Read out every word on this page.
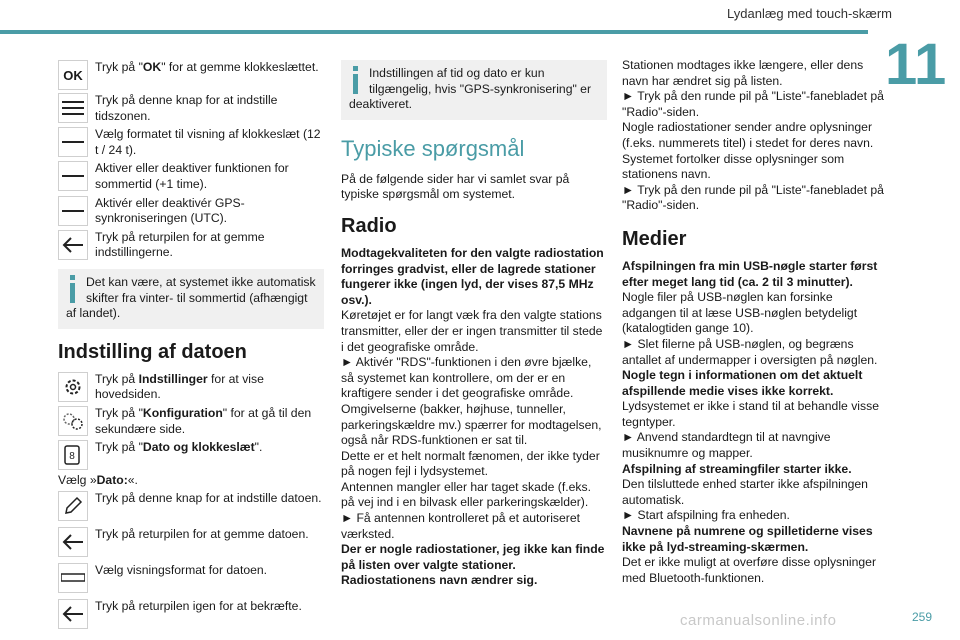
Lydanlæg med touch-skærm
11
OK
Tryk på "OK" for at gemme klokkeslættet.
Tryk på denne knap for at indstille tidszonen.
Vælg formatet til visning af klokkeslæt (12 t / 24 t).
Aktiver eller deaktiver funktionen for sommertid (+1 time).
Aktivér eller deaktivér GPS-synkroniseringen (UTC).
Tryk på returpilen for at gemme indstillingerne.
Det kan være, at systemet ikke automatisk skifter fra vinter- til sommertid (afhængigt af landet).
Indstilling af datoen
Tryk på Indstillinger for at vise hovedsiden.
Tryk på "Konfiguration" for at gå til den sekundære side.
8
Tryk på "Dato og klokkeslæt".

Vælg »Dato:«.

Tryk på denne knap for at indstille datoen.
Tryk på returpilen for at gemme datoen.
Vælg visningsformat for datoen.
Tryk på returpilen igen for at bekræfte.
Indstillingen af tid og dato er kun tilgængelig, hvis "GPS-synkronisering" er deaktiveret.
Typiske spørgsmål

På de følgende sider har vi samlet svar på typiske spørgsmål om systemet.

Radio

Modtagekvaliteten for den valgte radiostation forringes gradvist, eller de lagrede stationer fungerer ikke (ingen lyd, der vises 87,5 MHz osv.).

Køretøjet er for langt væk fra den valgte stations transmitter, eller der er ingen transmitter til stede i det geografiske område.

► Aktivér "RDS"-funktionen i den øvre bjælke, så systemet kan kontrollere, om der er en kraftigere sender i det geografiske område.

Omgivelserne (bakker, højhuse, tunneller, parkeringskældre mv.) spærrer for modtagelsen, også når RDS-funktionen er sat til.

Dette er et helt normalt fænomen, der ikke tyder på nogen fejl i lydsystemet.

Antennen mangler eller har taget skade (f.eks. på vej ind i en bilvask eller parkeringskælder).

► Få antennen kontrolleret på et autoriseret værksted.

Der er nogle radiostationer, jeg ikke kan finde på listen over valgte stationer.

Radiostationens navn ændrer sig.

Stationen modtages ikke længere, eller dens navn har ændret sig på listen.

► Tryk på den runde pil på "Liste"-fanebladet på "Radio"-siden.

Nogle radiostationer sender andre oplysninger (f.eks. nummerets titel) i stedet for deres navn.

Systemet fortolker disse oplysninger som stationens navn.

► Tryk på den runde pil på "Liste"-fanebladet på "Radio"-siden.

Medier

Afspilningen fra min USB-nøgle starter først efter meget lang tid (ca. 2 til 3 minutter).

Nogle filer på USB-nøglen kan forsinke adgangen til at læse USB-nøglen betydeligt (katalogtiden gange 10).

► Slet filerne på USB-nøglen, og begræns antallet af undermapper i oversigten på nøglen.

Nogle tegn i informationen om det aktuelt afspillende medie vises ikke korrekt.

Lydsystemet er ikke i stand til at behandle visse tegntyper.

► Anvend standardtegn til at navngive musiknumre og mapper.

Afspilning af streamingfiler starter ikke.

Den tilsluttede enhed starter ikke afspilningen automatisk.

► Start afspilning fra enheden.

Navnene på numrene og spilletiderne vises ikke på lyd-streaming-skærmen.

Det er ikke muligt at overføre disse oplysninger med Bluetooth-funktionen.

carmanualsonline.info	259
